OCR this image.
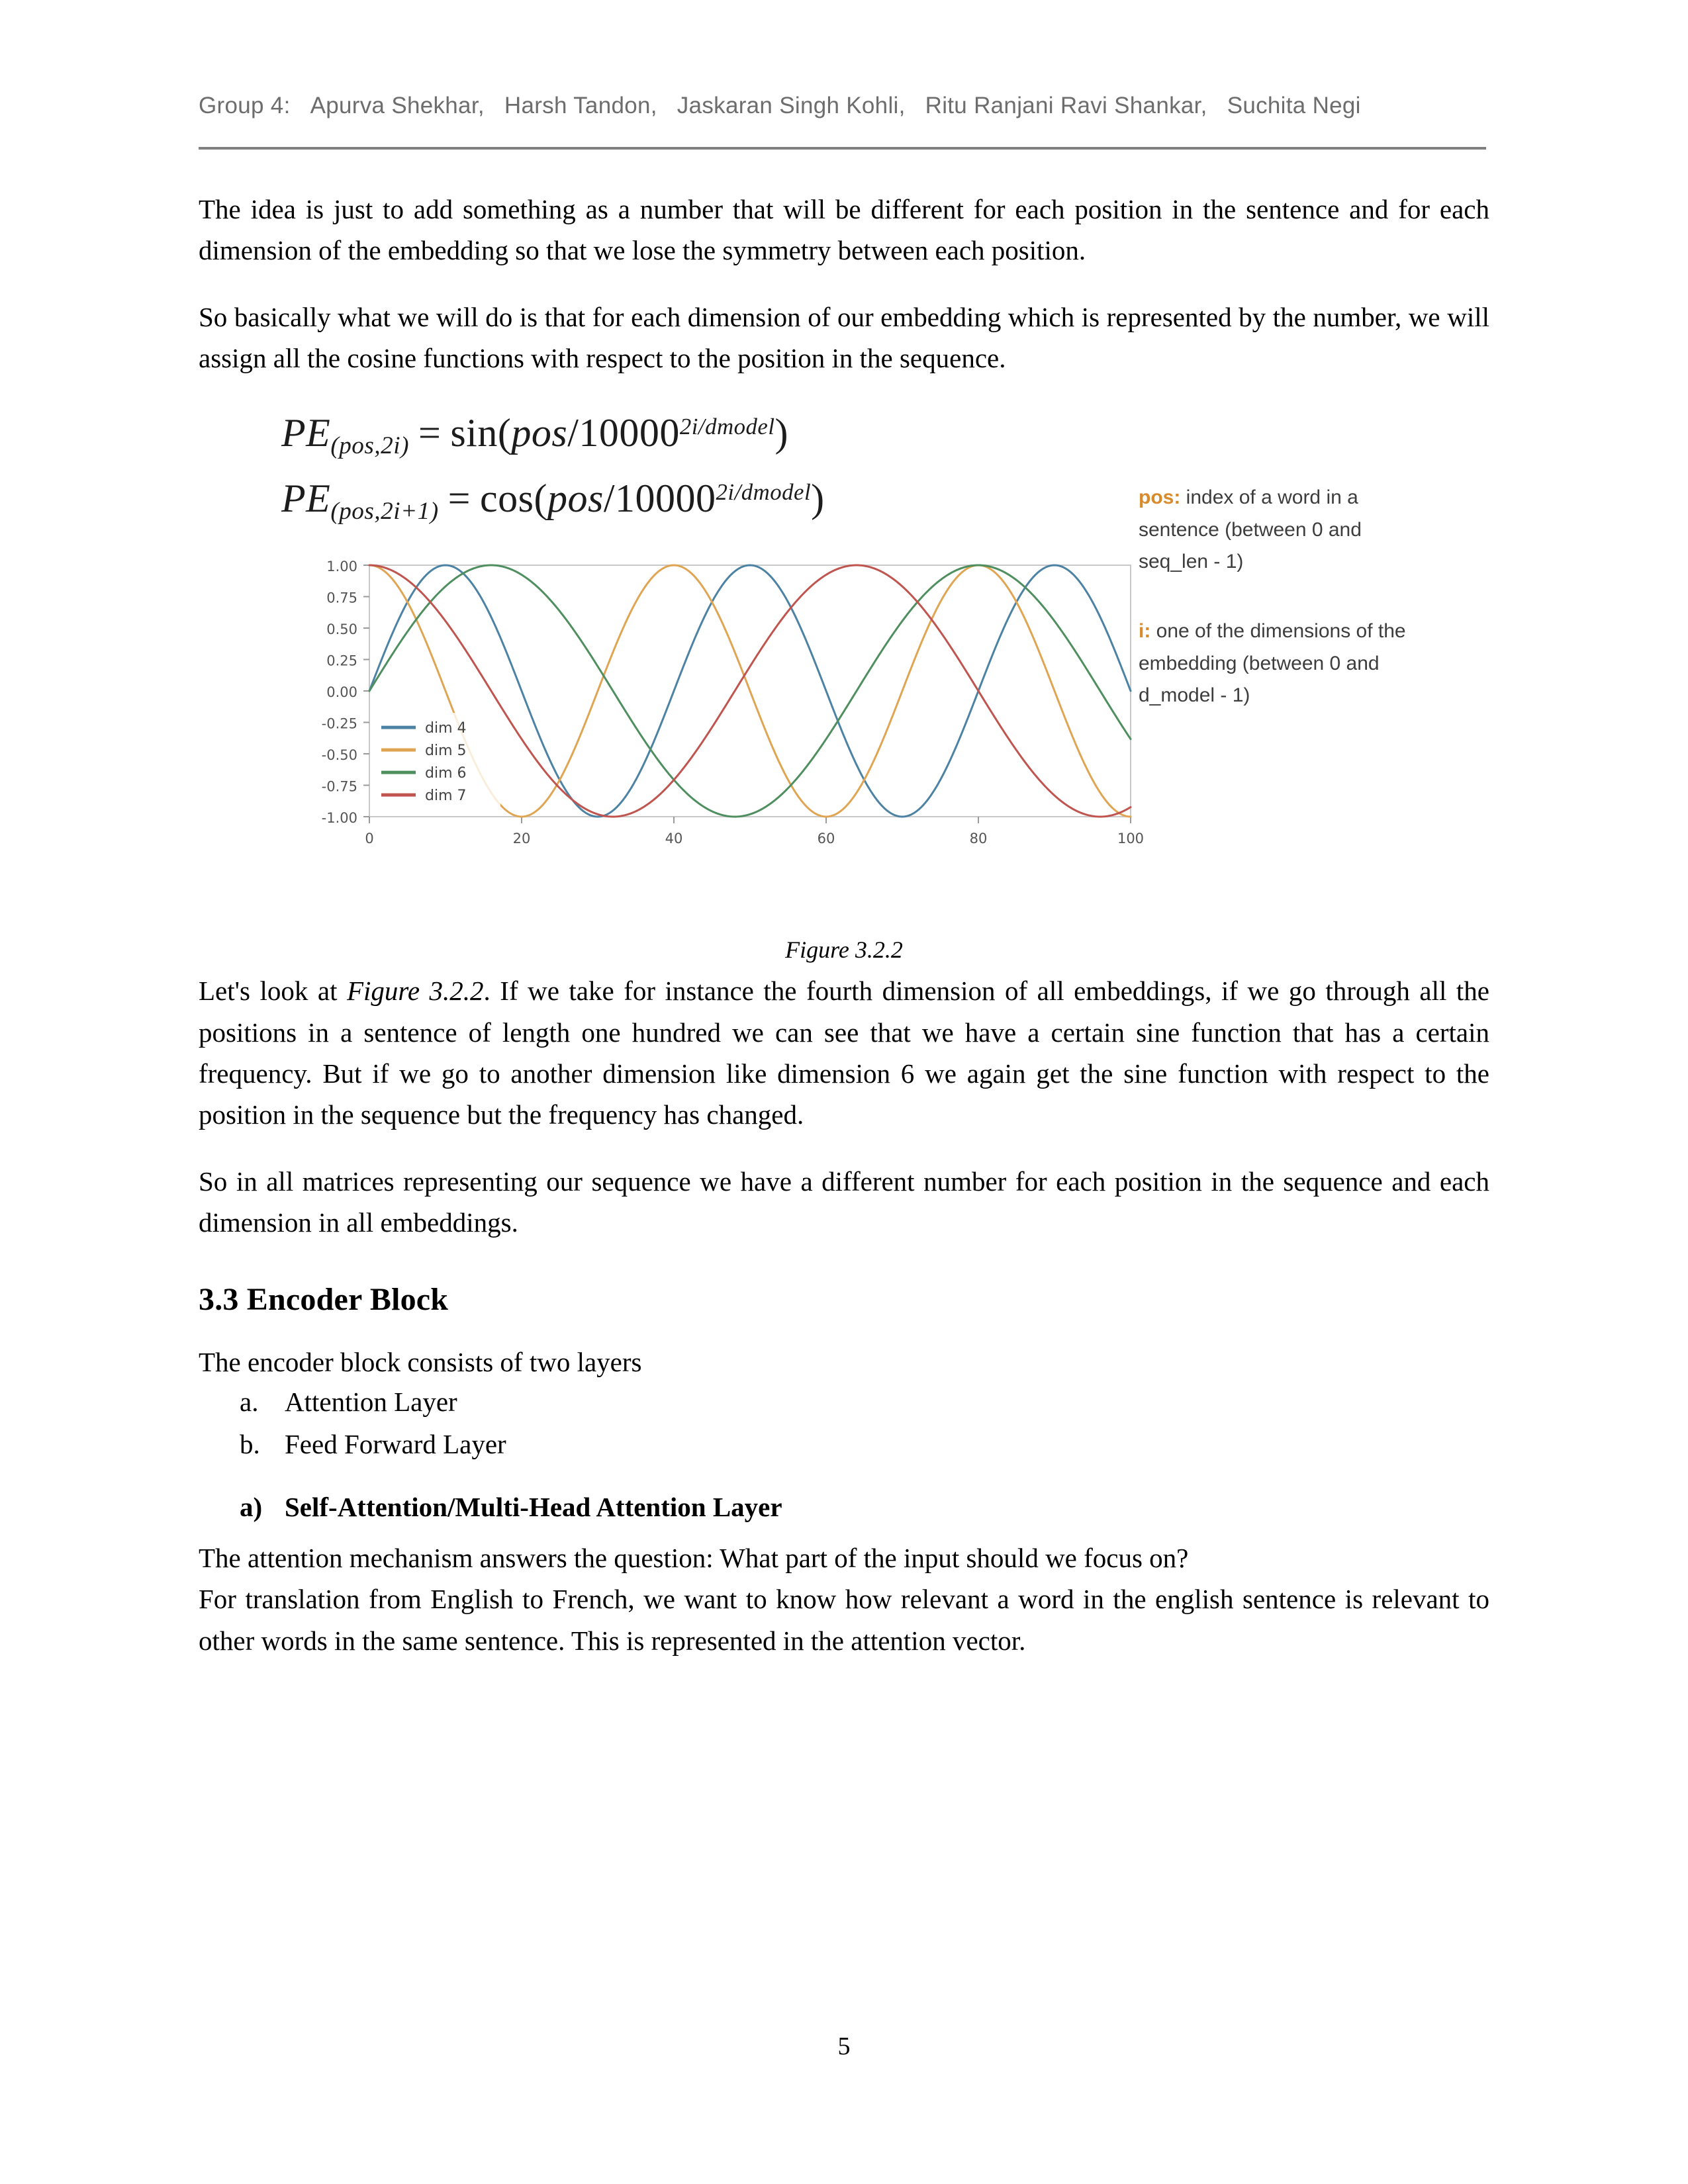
Group 4: Apurva Shekhar, Harsh Tandon, Jaskaran Singh Kohli, Ritu Ranjani Ravi Shankar, Suchita Negi

The idea is just to add something as a number that will be different for each position in the sentence and for each dimension of the embedding so that we lose the symmetry between each position.

So basically what we will do is that for each dimension of our embedding which is represented by the number, we will assign all the cosine functions with respect to the position in the sequence.

$PE_{(pos,2i)} = \sin(pos/10000^{2i/dmodel})$
$PE_{(pos,2i+1)} = \cos(pos/10000^{2i/dmodel})$	pos: index of a word in a sentence (between 0 and seq_len - 1)
i: one of the dimensions of the embedding (between 0 and d_model - 1)
1.00
0.75
0.50
0.25
0.00
-0.25
-0.50
-0.75
-1.00
0	20	40	60	80	100
dim 4
dim 5
dim 6
dim 7

Figure 3.2.2

Let's look at Figure 3.2.2. If we take for instance the fourth dimension of all embeddings, if we go through all the positions in a sentence of length one hundred we can see that we have a certain sine function that has a certain frequency. But if we go to another dimension like dimension 6 we again get the sine function with respect to the position in the sequence but the frequency has changed.

So in all matrices representing our sequence we have a different number for each position in the sequence and each dimension in all embeddings.

3.3 Encoder Block

The encoder block consists of two layers

a. Attention Layer
b. Feed Forward Layer
a) Self-Attention/Multi-Head Attention Layer

The attention mechanism answers the question: What part of the input should we focus on?

For translation from English to French, we want to know how relevant a word in the english sentence is relevant to other words in the same sentence. This is represented in the attention vector.

5
